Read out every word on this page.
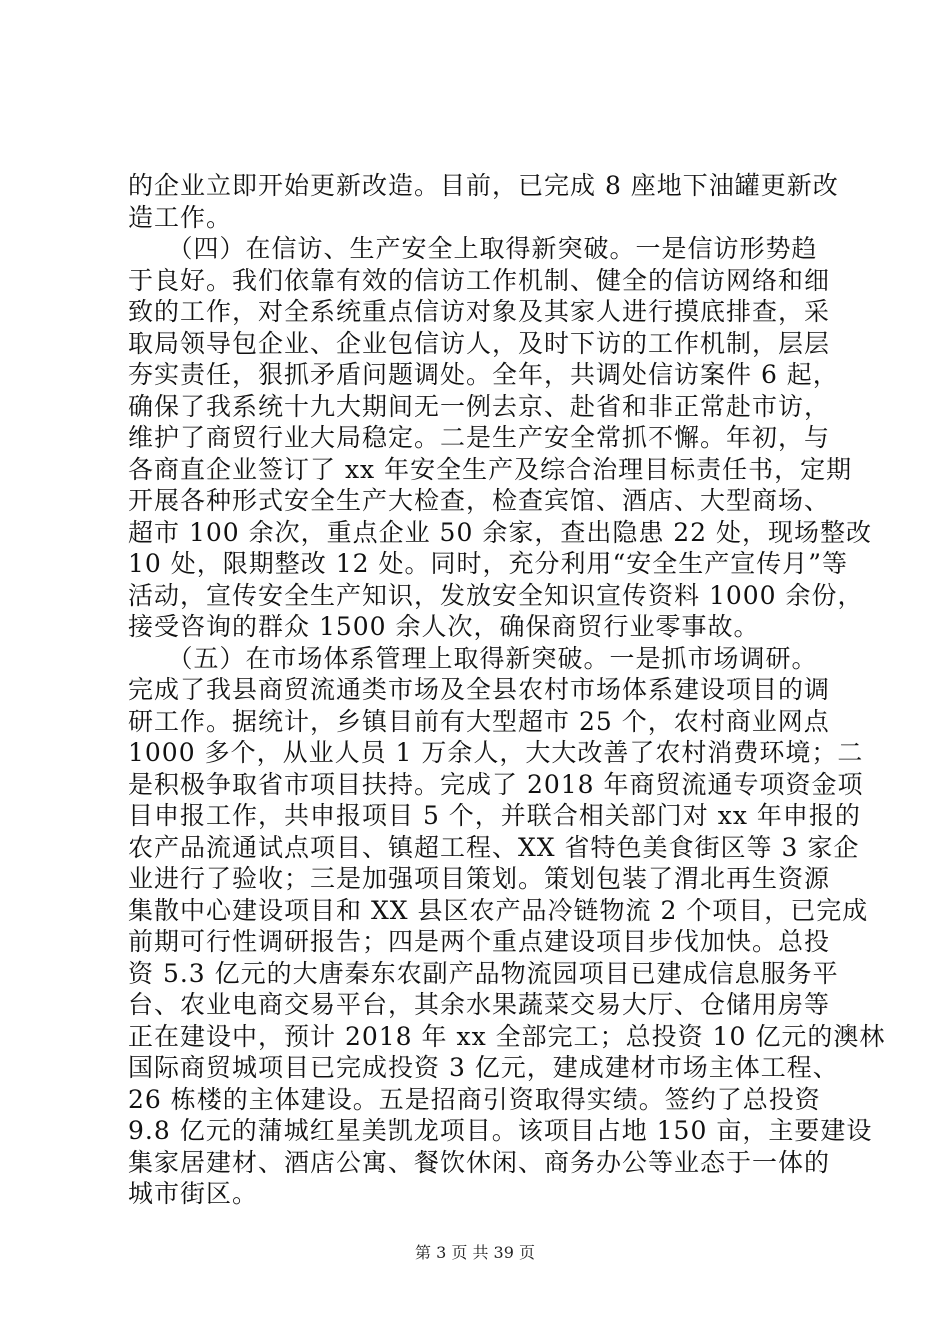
的企业立即开始更新改造。目前，已完成 8 座地下油罐更新改
造工作。
　　（四）在信访、生产安全上取得新突破。一是信访形势趋
于良好。我们依靠有效的信访工作机制、健全的信访网络和细
致的工作，对全系统重点信访对象及其家人进行摸底排查，采
取局领导包企业、企业包信访人，及时下访的工作机制，层层
夯实责任，狠抓矛盾问题调处。全年，共调处信访案件 6 起，
确保了我系统十九大期间无一例去京、赴省和非正常赴市访，
维护了商贸行业大局稳定。二是生产安全常抓不懈。年初，与
各商直企业签订了 xx 年安全生产及综合治理目标责任书，定期
开展各种形式安全生产大检查，检查宾馆、酒店、大型商场、
超市 100 余次，重点企业 50 余家，查出隐患 22 处，现场整改
10 处，限期整改 12 处。同时，充分利用“安全生产宣传月”等
活动，宣传安全生产知识，发放安全知识宣传资料 1000 余份，
接受咨询的群众 1500 余人次，确保商贸行业零事故。
　　（五）在市场体系管理上取得新突破。一是抓市场调研。
完成了我县商贸流通类市场及全县农村市场体系建设项目的调
研工作。据统计，乡镇目前有大型超市 25 个，农村商业网点
1000 多个，从业人员 1 万余人，大大改善了农村消费环境；二
是积极争取省市项目扶持。完成了 2018 年商贸流通专项资金项
目申报工作，共申报项目 5 个，并联合相关部门对 xx 年申报的
农产品流通试点项目、镇超工程、XX 省特色美食街区等 3 家企
业进行了验收；三是加强项目策划。策划包装了渭北再生资源
集散中心建设项目和 XX 县区农产品冷链物流 2 个项目，已完成
前期可行性调研报告；四是两个重点建设项目步伐加快。总投
资 5.3 亿元的大唐秦东农副产品物流园项目已建成信息服务平
台、农业电商交易平台，其余水果蔬菜交易大厅、仓储用房等
正在建设中，预计 2018 年 xx 全部完工；总投资 10 亿元的澳林
国际商贸城项目已完成投资 3 亿元，建成建材市场主体工程、
26 栋楼的主体建设。五是招商引资取得实绩。签约了总投资
9.8 亿元的蒲城红星美凯龙项目。该项目占地 150 亩，主要建设
集家居建材、酒店公寓、餐饮休闲、商务办公等业态于一体的
城市街区。
第 3 页 共 39 页
